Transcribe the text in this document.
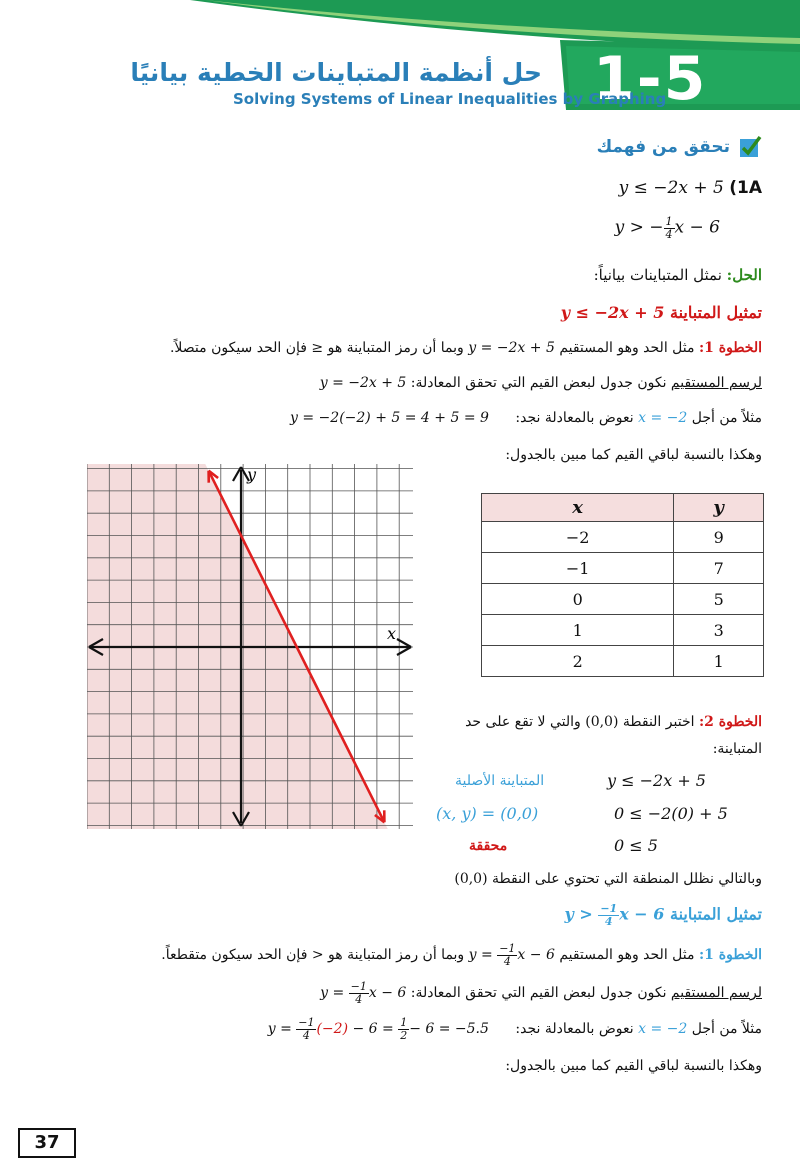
1-5
حل أنظمة المتباينات الخطية بيانيًا
Solving Systems of Linear Inequalities by Graphing
تحقق من فهمك
y ≤ −2x + 5 (1A
y > − $\frac{1}{4}$ x − 6
الحل: نمثل المتباينات بيانياً:
تمثيل المتباينة y ≤ −2x + 5
الخطوة 1: مثل الحد وهو المستقيم y = −2x + 5 وبما أن رمز المتباينة هو ≤ فإن الحد سيكون متصلاً.
لرسم المستقيم نكون جدول لبعض القيم التي تحقق المعادلة: y = −2x + 5
مثلاً من أجل x = −2 نعوض بالمعادلة نجد: y = −2(−2) + 5 = 4 + 5 = 9
وهكذا بالنسبة لباقي القيم كما مبين بالجدول:
x
y
x	y
−2	9
−1	7
0	5
1	3
2	1
الخطوة 2: اختبر النقطة (0,0) والتي لا تقع على حد
المتباينة:
y ≤ −2x + 5
المتباينة الأصلية
0 ≤ −2(0) + 5
(x, y) = (0,0)
0 ≤ 5
محققة
وبالتالي نظلل المنطقة التي تحتوي على النقطة (0,0)
تمثيل المتباينة $y > \frac{-1}{4}$ x − 6
الخطوة 1: مثل الحد وهو المستقيم $y = \frac{-1}{4}$ x − 6 وبما أن رمز المتباينة هو < فإن الحد سيكون متقطعاً.
لرسم المستقيم نكون جدول لبعض القيم التي تحقق المعادلة: $y = \frac{-1}{4}$ x − 6
مثلاً من أجل x = −2 نعوض بالمعادلة نجد: $y = \frac{-1}{4} (-2) - 6 = \frac{1}{2} - 6 = -5.5$
وهكذا بالنسبة لباقي القيم كما مبين بالجدول:
37
